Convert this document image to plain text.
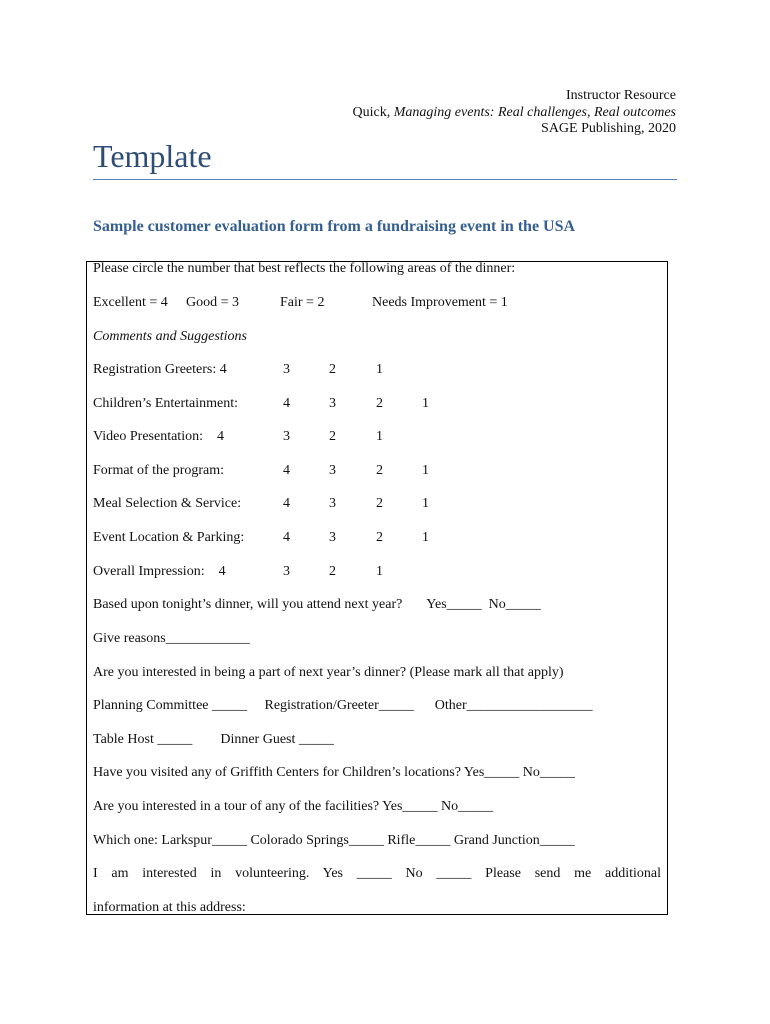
Instructor Resource
Quick, Managing events: Real challenges, Real outcomes
SAGE Publishing, 2020
Template
Sample customer evaluation form from a fundraising event in the USA
Please circle the number that best reflects the following areas of the dinner:
Excellent = 4 Good = 3	Fair = 2	Needs Improvement = 1
Comments and Suggestions
Registration Greeters: 4	3	2	1
Children’s Entertainment:	4	3	2	1
Video Presentation:    4	3	2	1
Format of the program:	4	3	2	1
Meal Selection & Service:	4	3	2	1
Event Location & Parking:	4	3	2	1
Overall Impression:    4	3	2	1
Based upon tonight’s dinner, will you attend next year?       Yes_____  No_____
Give reasons____________
Are you interested in being a part of next year’s dinner? (Please mark all that apply)
Planning Committee _____     Registration/Greeter_____      Other__________________
Table Host _____        Dinner Guest _____
Have you visited any of Griffith Centers for Children’s locations? Yes_____ No_____
Are you interested in a tour of any of the facilities? Yes_____ No_____
Which one: Larkspur_____ Colorado Springs_____ Rifle_____ Grand Junction_____
I am interested in volunteering. Yes _____ No _____ Please send me additional
information at this address:
